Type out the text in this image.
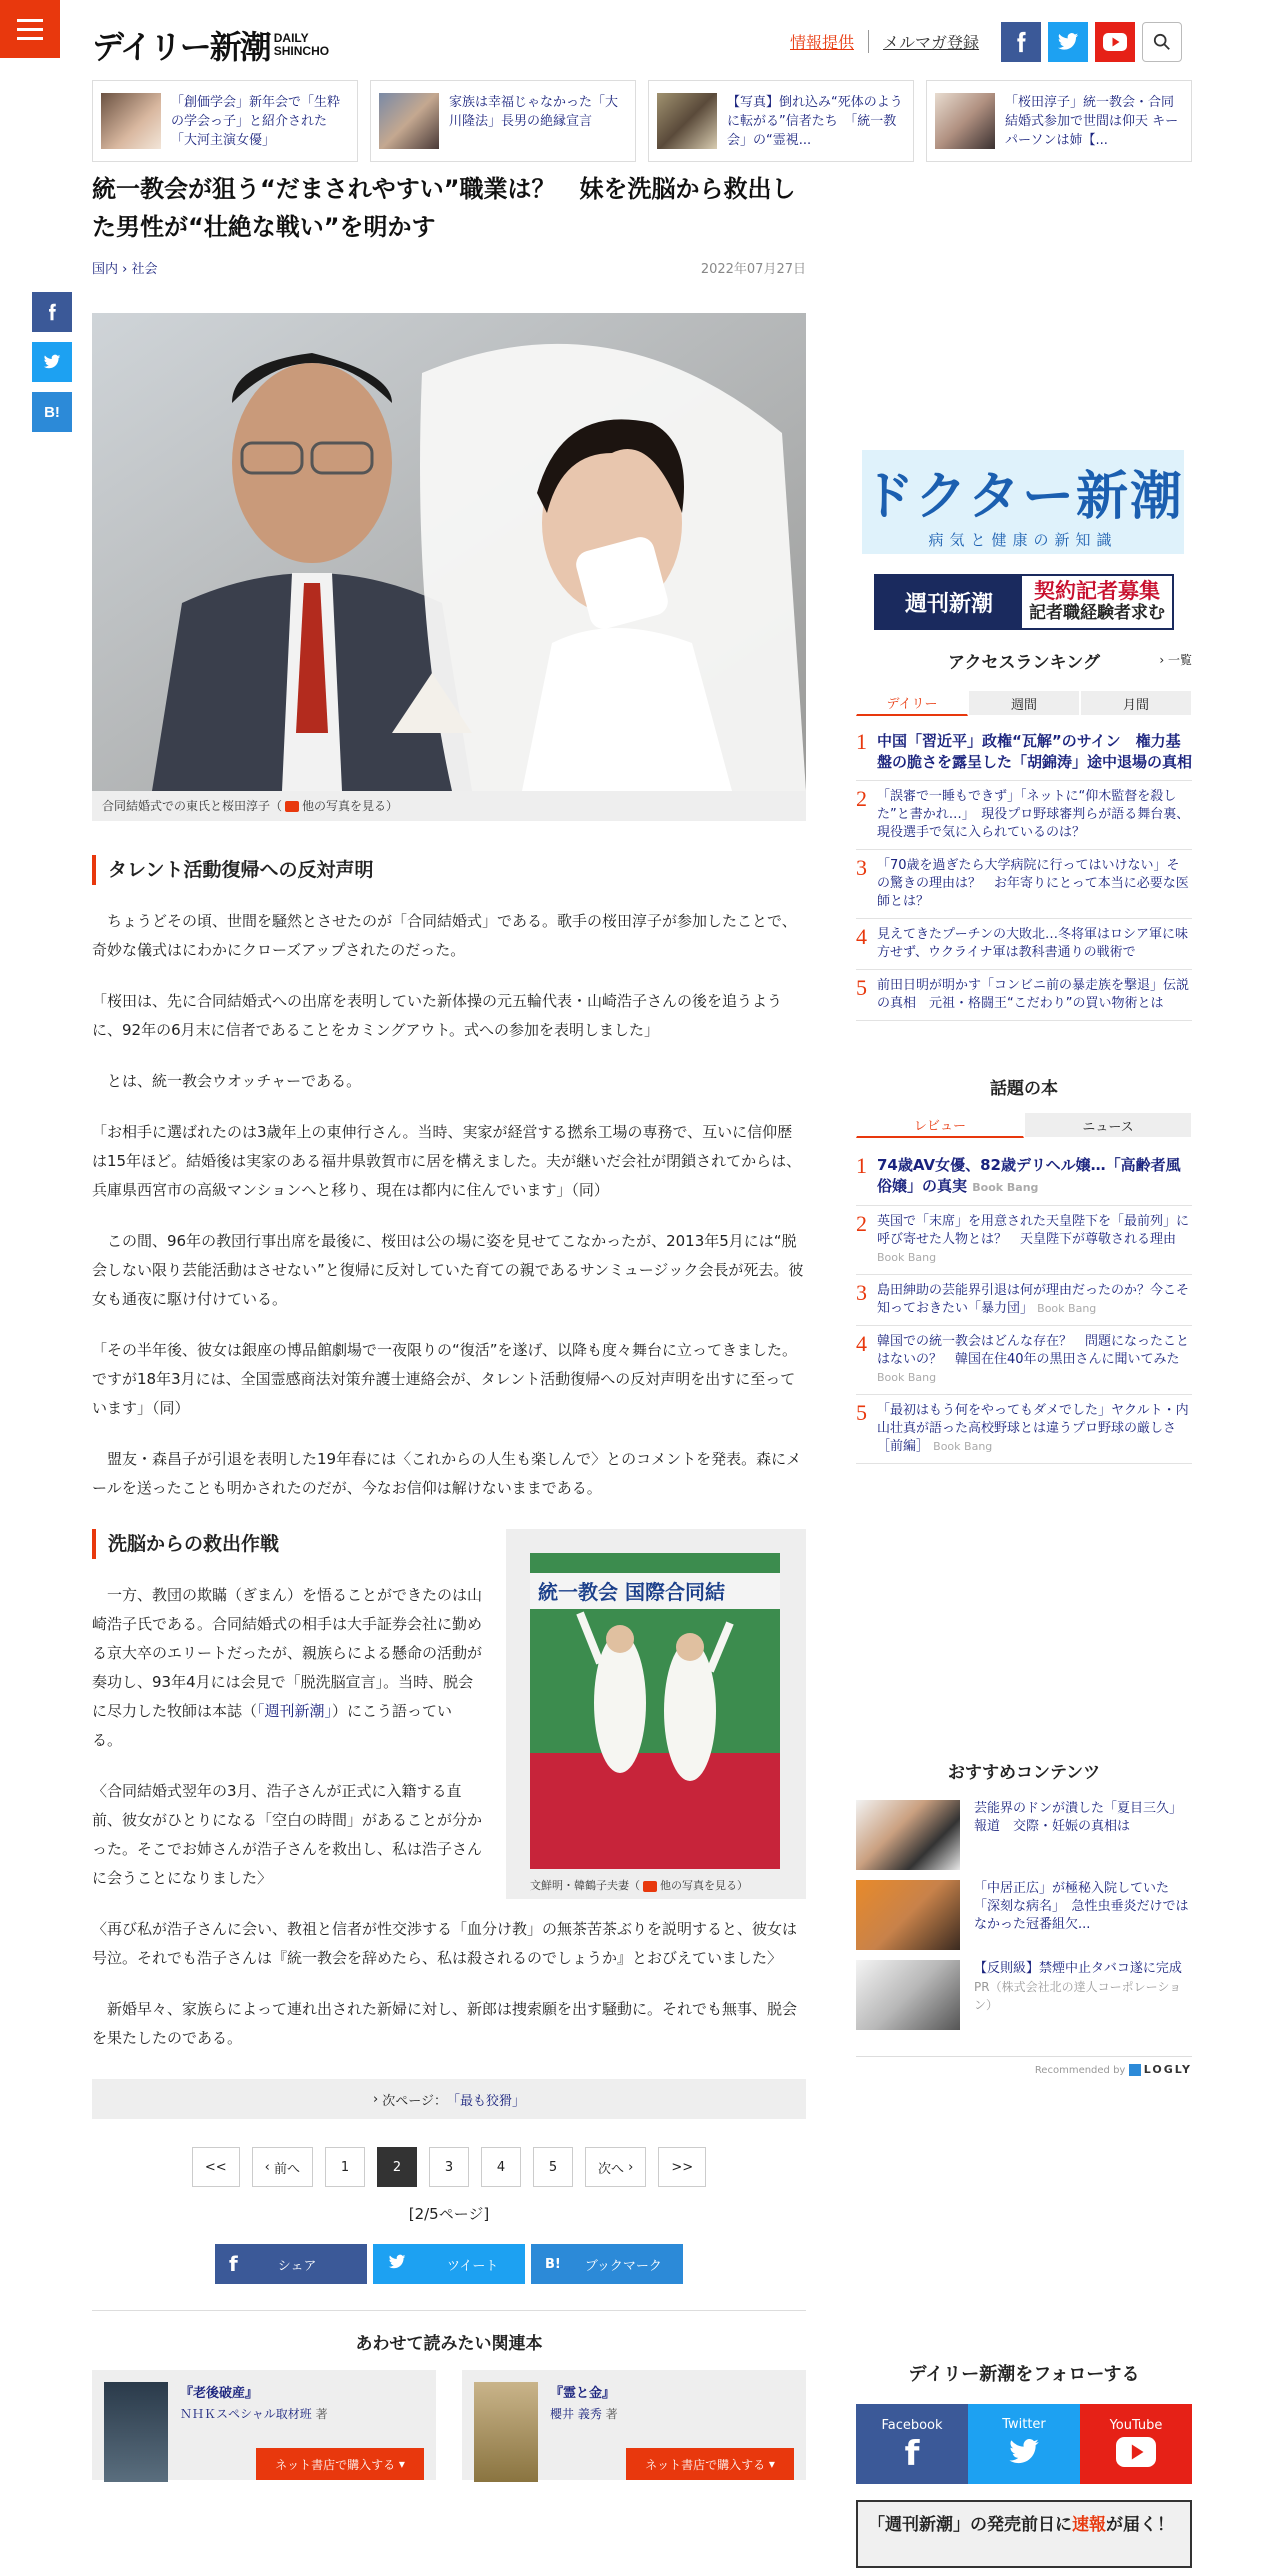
デイリー新潮 DAILY
SHINCHO	情報提供	メルマガ登録
「創価学会」新年会で「生粋の学会っ子」と紹介された「大河主演女優」
家族は幸福じゃなかった「大川隆法」長男の絶縁宣言
【写真】倒れ込み“死体のように転がる”信者たち　「統一教会」の“霊視...
「桜田淳子」統一教会・合同結婚式参加で世間は仰天 キーパーソンは姉【...
B!
統一教会が狙う“だまされやすい”職業は？　妹を洗脳から救出した男性が“壮絶な戦い”を明かす
国内 › 社会	2022年07月27日
合同結婚式での東氏と桜田淳子（ 他の写真を見る）
タレント活動復帰への反対声明

　ちょうどその頃、世間を騒然とさせたのが「合同結婚式」である。歌手の桜田淳子が参加したことで、奇妙な儀式はにわかにクローズアップされたのだった。

「桜田は、先に合同結婚式への出席を表明していた新体操の元五輪代表・山崎浩子さんの後を追うように、92年の6月末に信者であることをカミングアウト。式への参加を表明しました」

　とは、統一教会ウオッチャーである。

「お相手に選ばれたのは3歳年上の東伸行さん。当時、実家が経営する撚糸工場の専務で、互いに信仰歴は15年ほど。結婚後は実家のある福井県敦賀市に居を構えました。夫が継いだ会社が閉鎖されてからは、兵庫県西宮市の高級マンションへと移り、現在は都内に住んでいます」（同）

　この間、96年の教団行事出席を最後に、桜田は公の場に姿を見せてこなかったが、2013年5月には“脱会しない限り芸能活動はさせない”と復帰に反対していた育ての親であるサンミュージック会長が死去。彼女も通夜に駆け付けている。

「その半年後、彼女は銀座の博品館劇場で一夜限りの“復活”を遂げ、以降も度々舞台に立ってきました。ですが18年3月には、全国霊感商法対策弁護士連絡会が、タレント活動復帰への反対声明を出すに至っています」（同）

　盟友・森昌子が引退を表明した19年春には〈これからの人生も楽しんで〉とのコメントを発表。森にメールを送ったことも明かされたのだが、今なお信仰は解けないままである。

統一教会 国際合同結
文鮮明・韓鶴子夫妻（ 他の写真を見る）
洗脳からの救出作戦

　一方、教団の欺瞞（ぎまん）を悟ることができたのは山崎浩子氏である。合同結婚式の相手は大手証券会社に勤める京大卒のエリートだったが、親族らによる懸命の活動が奏功し、93年4月には会見で「脱洗脳宣言」。当時、脱会に尽力した牧師は本誌（「週刊新潮」）にこう語っている。

〈合同結婚式翌年の3月、浩子さんが正式に入籍する直前、彼女がひとりになる「空白の時間」があることが分かった。そこでお姉さんが浩子さんを救出し、私は浩子さんに会うことになりました〉

〈再び私が浩子さんに会い、教祖と信者が性交渉する「血分け教」の無茶苦茶ぶりを説明すると、彼女は号泣。それでも浩子さんは『統一教会を辞めたら、私は殺されるのでしょうか』とおびえていました〉

　新婚早々、家族らによって連れ出された新婦に対し、新郎は捜索願を出す騒動に。それでも無事、脱会を果たしたのである。

› 次ページ： 「最も狡猾」
<<	‹ 前へ	1	2	3	4	5	次へ ›	>>
[2/5ページ]
f	シェア	ツイート	B! ブックマーク
あわせて読みたい関連本
『老後破産』
ＮＨＫスペシャル取材班 著
ネット書店で購入する
▾
『霊と金』
櫻井 義秀 著
ネット書店で購入する
▾
ドクター新潮
病気と健康の新知識
週刊新潮	契約記者募集
記者職経験者求む
アクセスランキング	› 一覧
デイリー	週間	月間
1 中国「習近平」政権“瓦解”のサイン　権力基盤の脆さを露呈した「胡錦涛」途中退場の真相
2 「誤審で一睡もできず」「ネットに“仰木監督を殺した”と書かれ…」　現役プロ野球審判らが語る舞台裏、現役選手で気に入られているのは？
3 「70歳を過ぎたら大学病院に行ってはいけない」その驚きの理由は？　お年寄りにとって本当に必要な医師とは？
4 見えてきたプーチンの大敗北…冬将軍はロシア軍に味方せず、ウクライナ軍は教科書通りの戦術で
5 前田日明が明かす「コンビニ前の暴走族を撃退」伝説の真相　元祖・格闘王“こだわり”の買い物術とは
話題の本
レビュー	ニュース
1 74歳AV女優、82歳デリヘル嬢…「高齢者風俗嬢」の真実 Book Bang
2 英国で「末席」を用意された天皇陛下を「最前列」に呼び寄せた人物とは？　天皇陛下が尊敬される理由 Book Bang
3 島田紳助の芸能界引退は何が理由だったのか？今こそ知っておきたい「暴力団」 Book Bang
4 韓国での統一教会はどんな存在？　問題になったことはないの？　韓国在住40年の黒田さんに聞いてみた Book Bang
5 「最初はもう何をやってもダメでした」ヤクルト・内山壮真が語った高校野球とは違うプロ野球の厳しさ［前編］ Book Bang
おすすめコンテンツ
芸能界のドンが潰した「夏目三久」報道　交際・妊娠の真相は
「中居正広」が極秘入院していた「深刻な病名」　急性虫垂炎だけではなかった冠番組欠...
【反則級】禁煙中止タバコ遂に完成
PR（株式会社北の達人コーポレーション）
Recommended by LOGLY
デイリー新潮をフォローする
Facebook
f
Twitter	YouTube
「週刊新潮」の発売前日に速報が届く！
